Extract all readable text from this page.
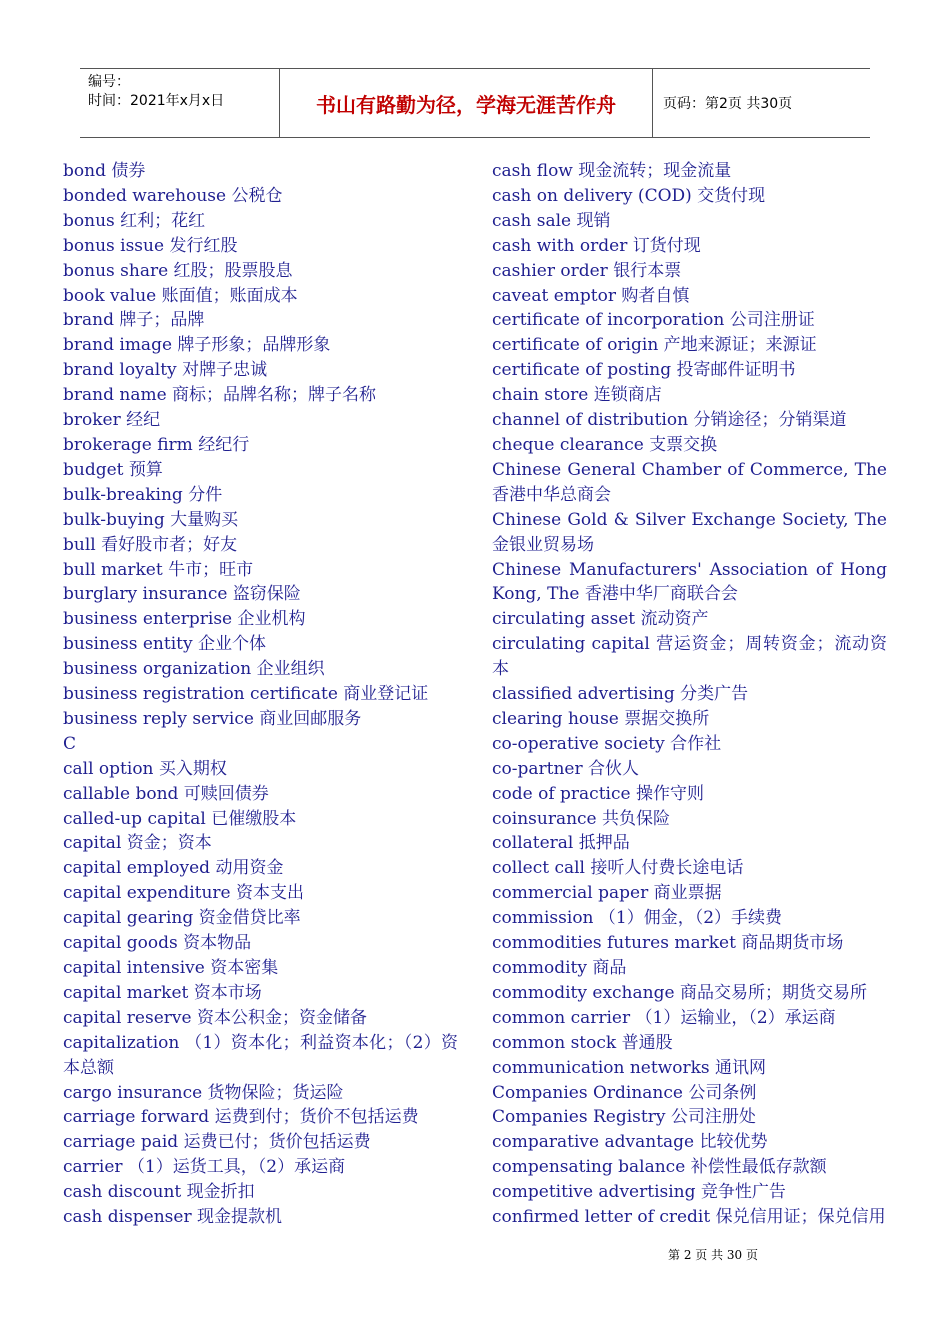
编号：
时间：2021年x月x日	书山有路勤为径，学海无涯苦作舟	页码：第2页 共30页

bond 债券

bonded warehouse 公税仓

bonus 红利；花红

bonus issue 发行红股

bonus share 红股；股票股息

book value 账面值；账面成本

brand 牌子；品牌

brand image 牌子形象；品牌形象

brand loyalty 对牌子忠诚

brand name 商标；品牌名称；牌子名称

broker 经纪

brokerage firm 经纪行

budget 预算

bulk-breaking 分件

bulk-buying 大量购买

bull 看好股市者；好友

bull market 牛市；旺市

burglary insurance 盗窃保险

business enterprise 企业机构

business entity 企业个体

business organization 企业组织

business registration certificate 商业登记证

business reply service 商业回邮服务

C

call option 买入期权

callable bond 可赎回债券

called-up capital 已催缴股本

capital 资金；资本

capital employed 动用资金

capital expenditure 资本支出

capital gearing 资金借贷比率

capital goods 资本物品

capital intensive 资本密集

capital market 资本市场

capital reserve 资本公积金；资金储备

capitalization （1）资本化；利益资本化；（2）资本总额

cargo insurance 货物保险；货运险

carriage forward 运费到付；货价不包括运费

carriage paid 运费已付；货价包括运费

carrier （1）运货工具，（2）承运商

cash discount 现金折扣

cash dispenser 现金提款机

cash flow 现金流转；现金流量

cash on delivery (COD) 交货付现

cash sale 现销

cash with order 订货付现

cashier order 银行本票

caveat emptor 购者自慎

certificate of incorporation 公司注册证

certificate of origin 产地来源证；来源证

certificate of posting 投寄邮件证明书

chain store 连锁商店

channel of distribution 分销途径；分销渠道

cheque clearance 支票交换

Chinese General Chamber of Commerce, The 香港中华总商会

Chinese Gold & Silver Exchange Society, The 金银业贸易场

Chinese Manufacturers' Association of Hong Kong, The 香港中华厂商联合会

circulating asset 流动资产

circulating capital 营运资金；周转资金；流动资本

classified advertising 分类广告

clearing house 票据交换所

co-operative society 合作社

co-partner 合伙人

code of practice 操作守则

coinsurance 共负保险

collateral 抵押品

collect call 接听人付费长途电话

commercial paper 商业票据

commission （1）佣金，（2）手续费

commodities futures market 商品期货市场

commodity 商品

commodity exchange 商品交易所；期货交易所

common carrier （1）运输业，（2）承运商

common stock 普通股

communication networks 通讯网

Companies Ordinance 公司条例

Companies Registry 公司注册处

comparative advantage 比较优势

compensating balance 补偿性最低存款额

competitive advertising 竞争性广告

confirmed letter of credit 保兑信用证；保兑信用

第 2 页 共 30 页
